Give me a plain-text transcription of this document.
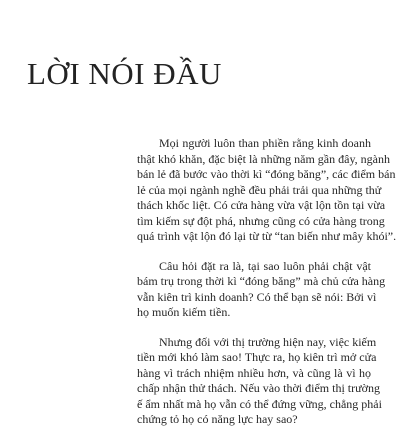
LỜI NÓI ĐẦU

Mọi người luôn than phiền rằng kinh doanh
thật khó khăn, đặc biệt là những năm gần đây, ngành
bán lẻ đã bước vào thời kì “đóng băng”, các điểm bán
lẻ của mọi ngành nghề đều phải trải qua những thử
thách khốc liệt. Có cửa hàng vừa vật lộn tồn tại vừa
tìm kiếm sự đột phá, nhưng cũng có cửa hàng trong
quá trình vật lộn đó lại từ từ “tan biến như mây khói”.

Câu hỏi đặt ra là, tại sao luôn phải chật vật
bám trụ trong thời kì “đóng băng” mà chủ cửa hàng
vẫn kiên trì kinh doanh? Có thể bạn sẽ nói: Bởi vì
họ muốn kiếm tiền.

Nhưng đối với thị trường hiện nay, việc kiếm
tiền mới khó làm sao! Thực ra, họ kiên trì mở cửa
hàng vì trách nhiệm nhiều hơn, và cũng là vì họ
chấp nhận thử thách. Nếu vào thời điểm thị trường
ế ẩm nhất mà họ vẫn có thể đứng vững, chẳng phải
chứng tỏ họ có năng lực hay sao?
